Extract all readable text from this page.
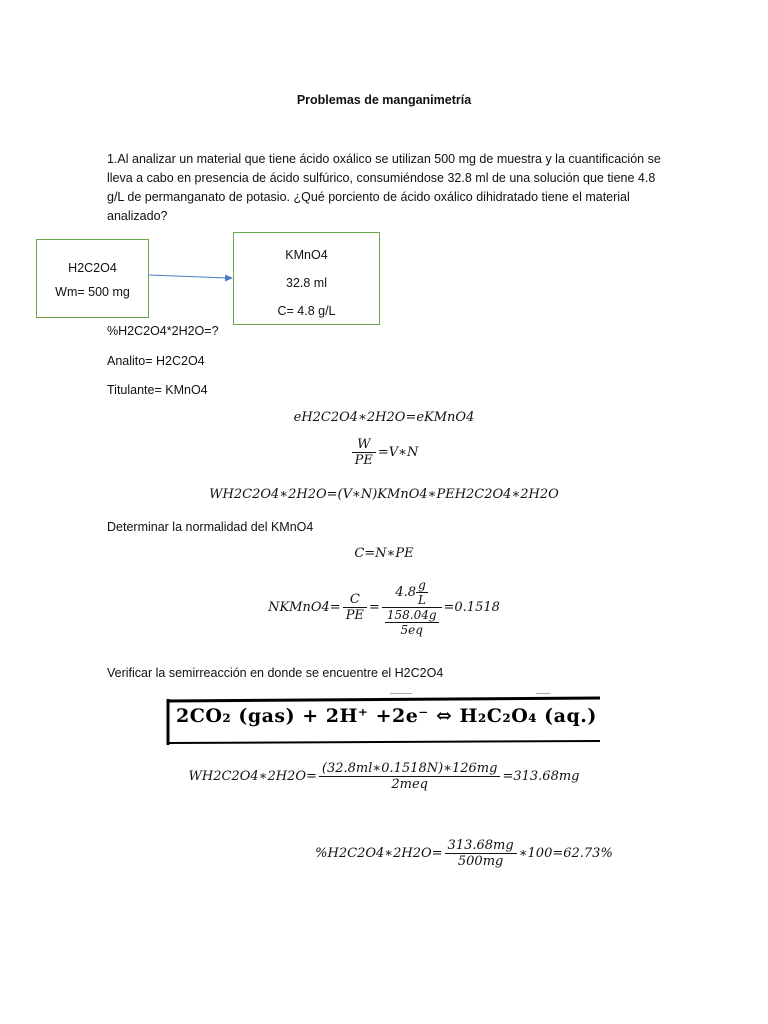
Problemas de manganimetría
1.Al analizar un material que tiene ácido oxálico se utilizan 500 mg de muestra y la cuantificación se lleva a cabo en presencia de ácido sulfúrico, consumiéndose 32.8 ml de una solución que tiene 4.8 g/L de permanganato de potasio. ¿Qué porciento de ácido oxálico dihidratado tiene el material analizado?
H2C2O4
Wm= 500 mg
KMnO4
32.8 ml
C= 4.8 g/L
%H2C2O4*2H2O=?
Analito= H2C2O4
Titulante= KMnO4
eH2C2O4∗2H2O=eKMnO4
$\frac{W}{PE}$ =V∗N
WH2C2O4∗2H2O=(V∗N)KMnO4∗PEH2C2O4∗2H2O
Determinar la normalidad del KMnO4
C=N∗PE
NKMnO4= $\frac{C}{PE} = \frac{4.8 \frac{g}{L}}{\frac{158.04g}{5eq}} =0.1518$
Verificar la semirreacción en donde se encuentre el H2C2O4
2CO₂ (gas) + 2H⁺ +2e⁻ ⇔ H₂C₂O₄ (aq.)
WH2C2O4∗2H2O= $\frac{(32.8ml∗0.1518N)∗126mg}{\text{2meq}} =313.68mg$
%H2C2O4∗2H2O= $\frac{313.68mg}{500mg}$ ∗100=62.73%
